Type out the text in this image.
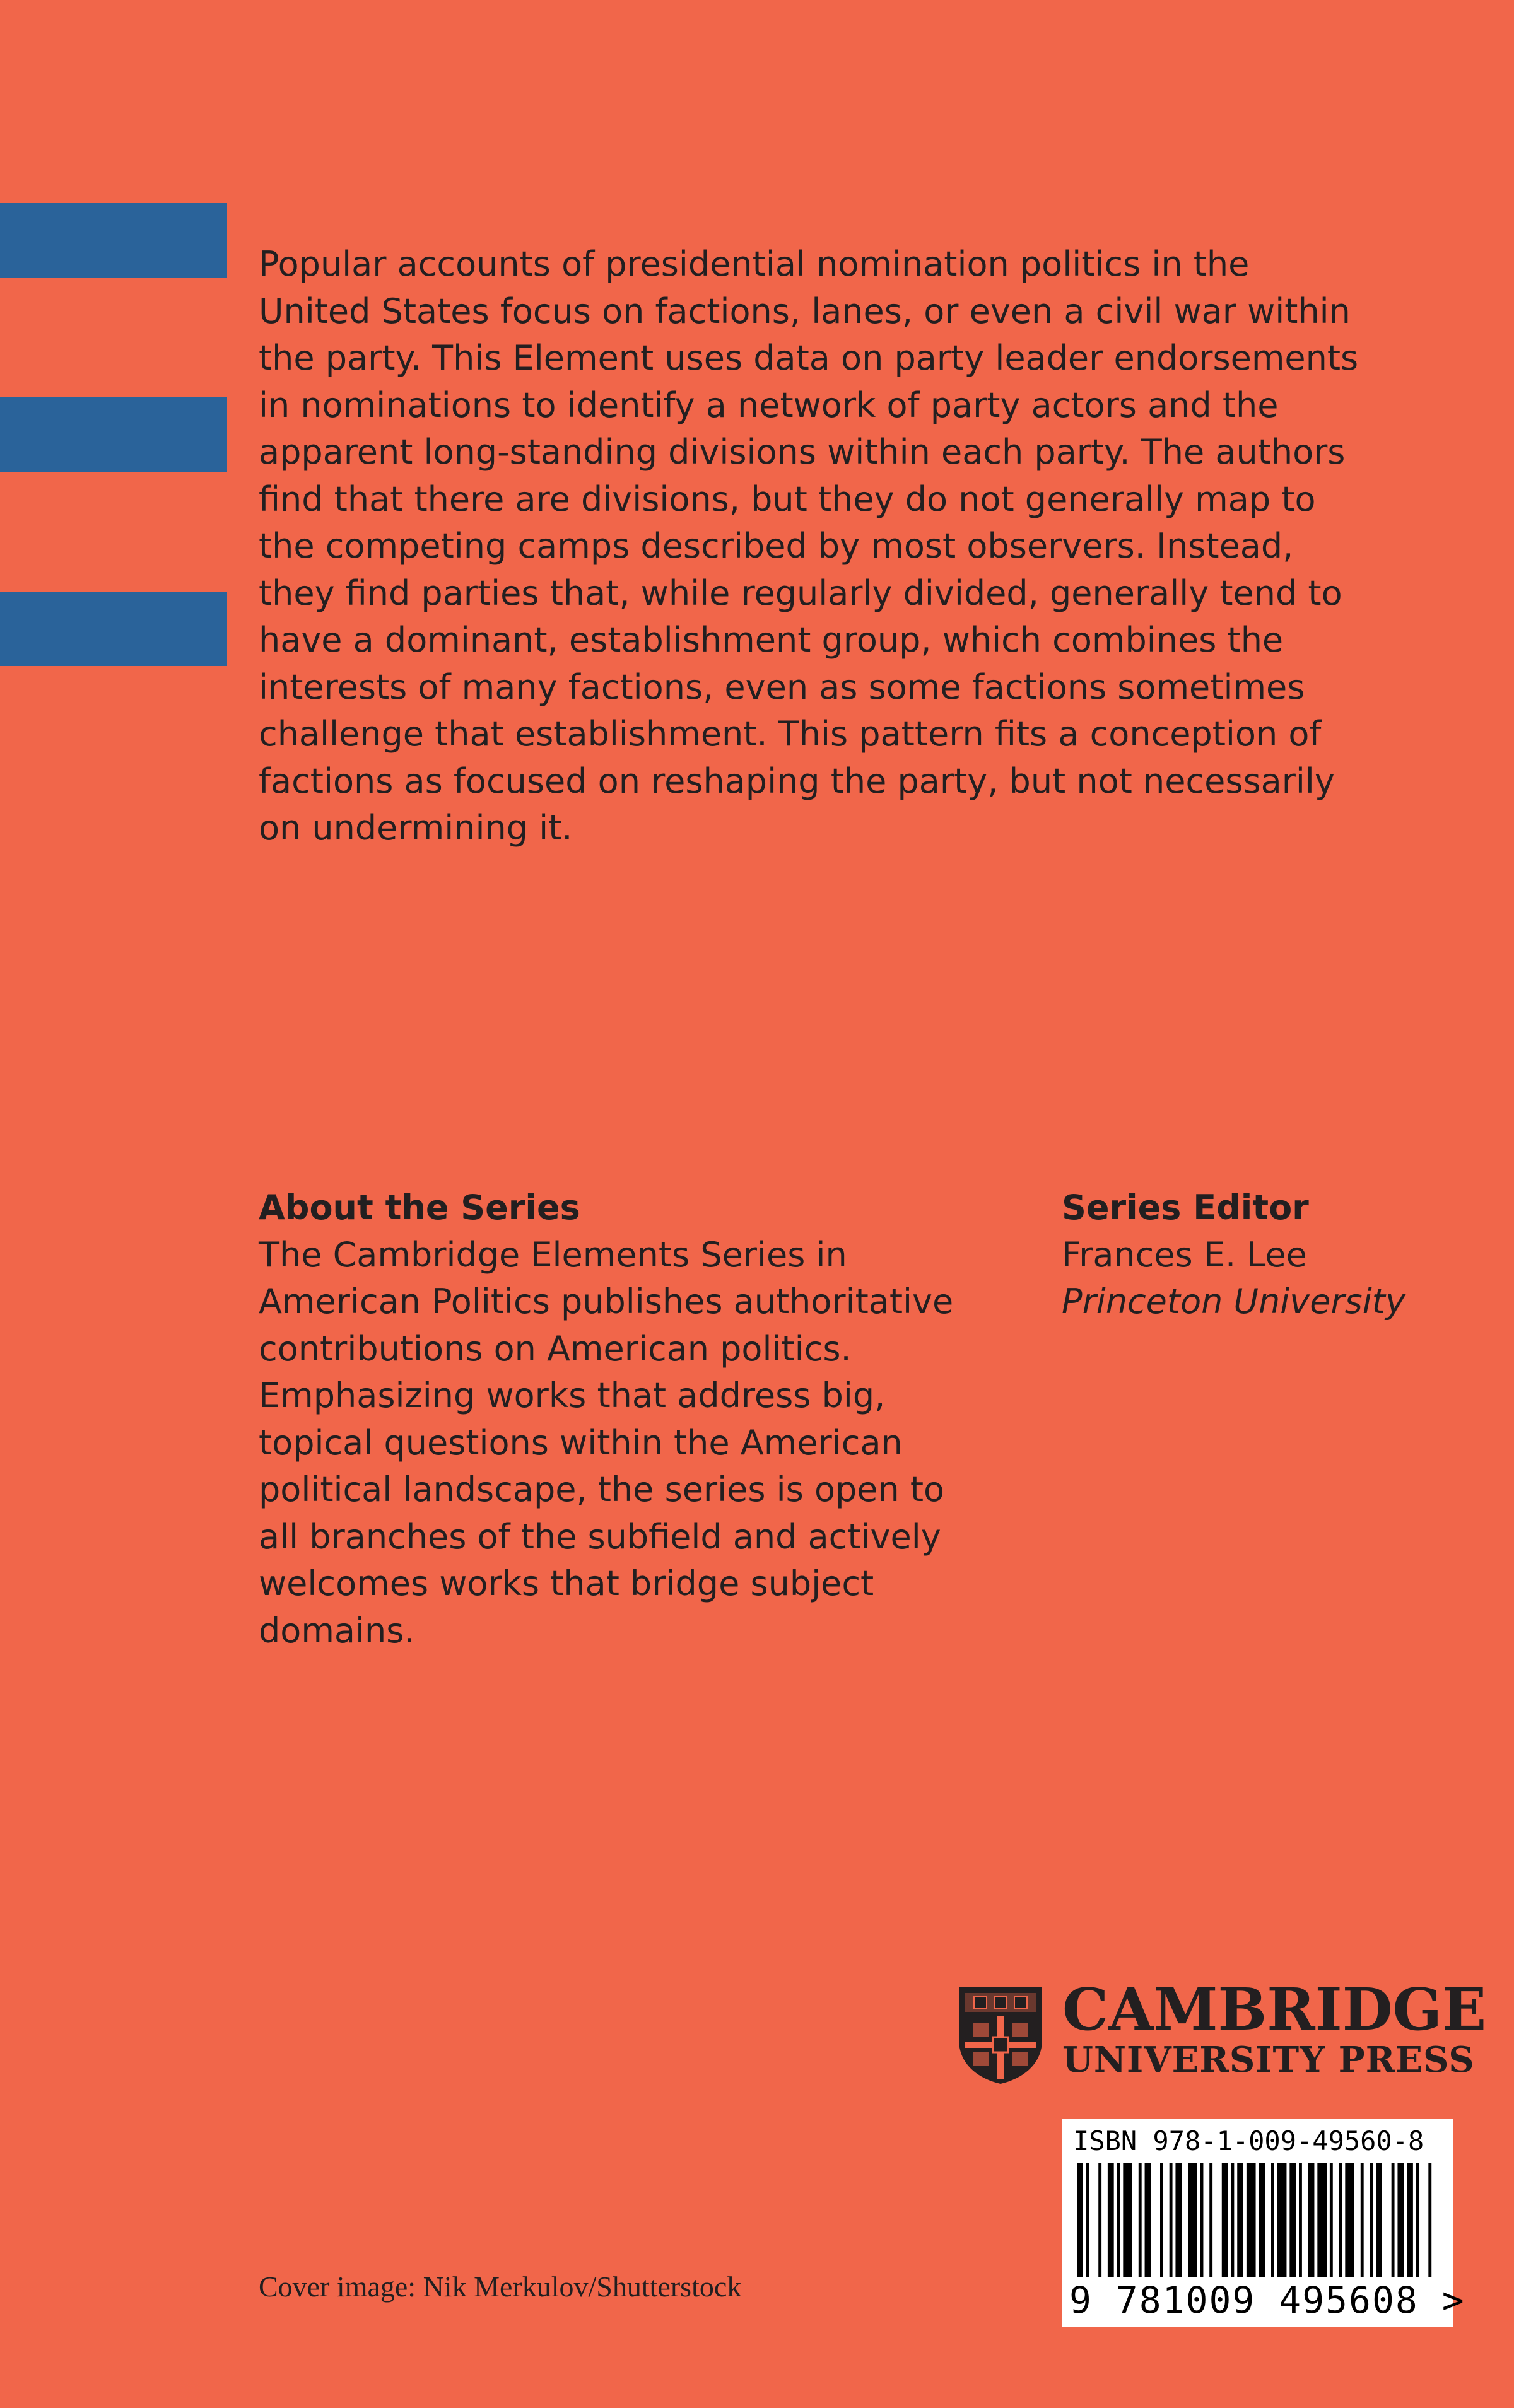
Popular accounts of presidential nomination politics in the

United States focus on factions, lanes, or even a civil war within

the party. This Element uses data on party leader endorsements

in nominations to identify a network of party actors and the

apparent long-standing divisions within each party. The authors

find that there are divisions, but they do not generally map to

the competing camps described by most observers. Instead,

they find parties that, while regularly divided, generally tend to

have a dominant, establishment group, which combines the

interests of many factions, even as some factions sometimes

challenge that establishment. This pattern fits a conception of

factions as focused on reshaping the party, but not necessarily

on undermining it.

About the Series

The Cambridge Elements Series in

American Politics publishes authoritative

contributions on American politics.

Emphasizing works that address big,

topical questions within the American

political landscape, the series is open to

all branches of the subfield and actively

welcomes works that bridge subject

domains.

Series Editor

Frances E. Lee

Princeton University

CAMBRIDGE
UNIVERSITY PRESS
ISBN 978-1-009-49560-8
9 781009 495608 >
Cover image: Nik Merkulov/Shutterstock
